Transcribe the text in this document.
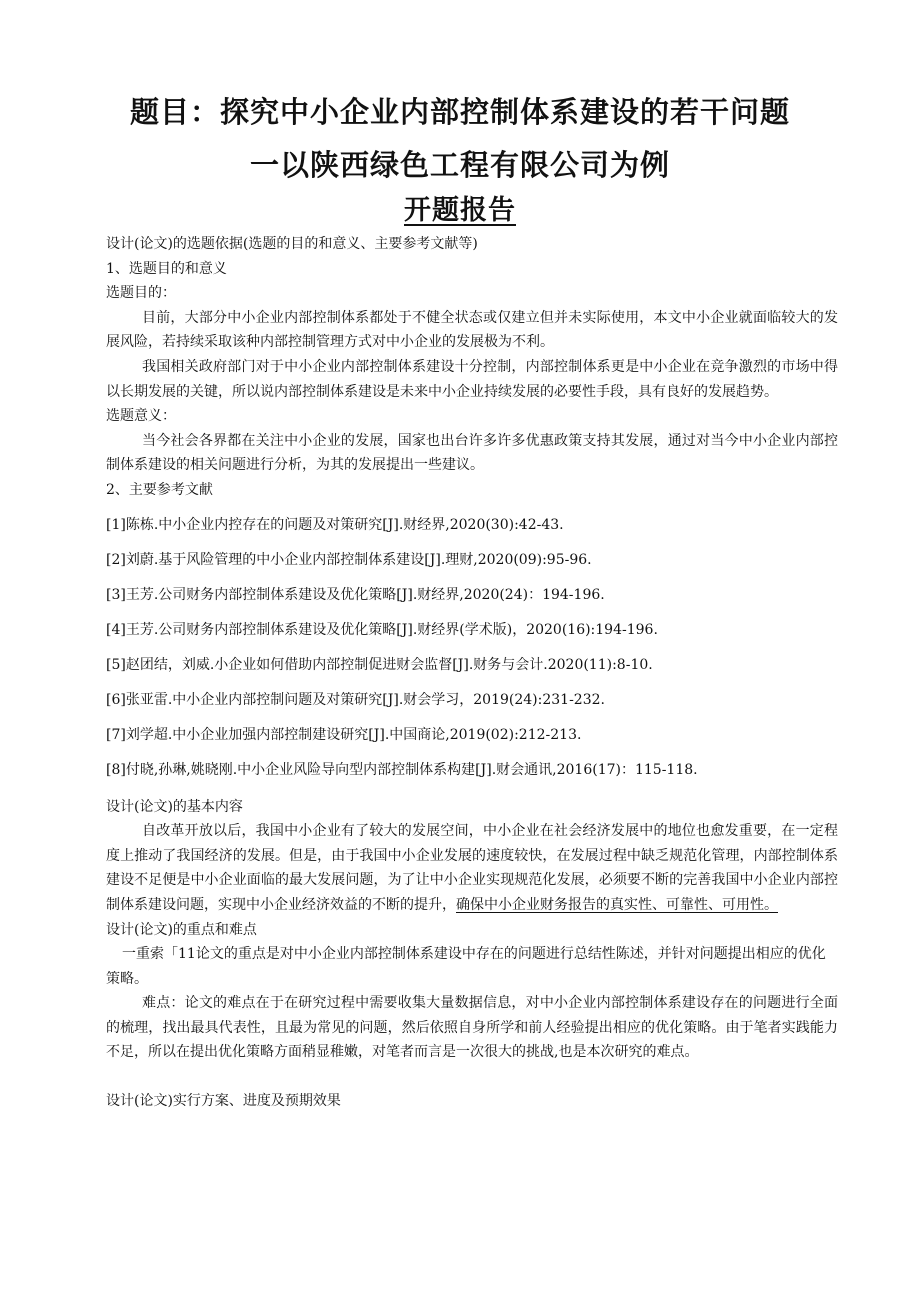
题目：探究中小企业内部控制体系建设的若干问题
一以陕西绿色工程有限公司为例
开题报告

设计(论文)的选题依据(选题的目的和意义、主要参考文献等)

1、选题目的和意义

选题目的：

目前，大部分中小企业内部控制体系都处于不健全状态或仅建立但并未实际使用，本文中小企业就面临较大的发展风险，若持续采取该种内部控制管理方式对中小企业的发展极为不利。

我国相关政府部门对于中小企业内部控制体系建设十分控制，内部控制体系更是中小企业在竞争激烈的市场中得以长期发展的关键，所以说内部控制体系建设是未来中小企业持续发展的必要性手段，具有良好的发展趋势。

选题意义：

当今社会各界都在关注中小企业的发展，国家也出台许多许多优惠政策支持其发展，通过对当今中小企业内部控制体系建设的相关问题进行分析，为其的发展提出一些建议。

2、主要参考文献

[1]陈栋.中小企业内控存在的问题及对策研究[J].财经界,2020(30):42-43.

[2]刘蔚.基于风险管理的中小企业内部控制体系建设[J].理财,2020(09):95-96.

[3]王芳.公司财务内部控制体系建设及优化策略[J].财经界,2020(24)：194-196.

[4]王芳.公司财务内部控制体系建设及优化策略[J].财经界(学术版)，2020(16):194-196.

[5]赵团结，刘威.小企业如何借助内部控制促进财会监督[J].财务与会计.2020(11):8-10.

[6]张亚雷.中小企业内部控制问题及对策研究[J].财会学习，2019(24):231-232.

[7]刘学超.中小企业加强内部控制建设研究[J].中国商论,2019(02):212-213.

[8]付晓,孙琳,姚晓刚.中小企业风险导向型内部控制体系构建[J].财会通讯,2016(17)：115-118.

设计(论文)的基本内容

自改革开放以后，我国中小企业有了较大的发展空间，中小企业在社会经济发展中的地位也愈发重要，在一定程度上推动了我国经济的发展。但是，由于我国中小企业发展的速度较快，在发展过程中缺乏规范化管理，内部控制体系建设不足便是中小企业面临的最大发展问题，为了让中小企业实现规范化发展，必须要不断的完善我国中小企业内部控制体系建设问题，实现中小企业经济效益的不断的提升，确保中小企业财务报告的真实性、可靠性、可用性。

设计(论文)的重点和难点

一重索「11论文的重点是对中小企业内部控制体系建设中存在的问题进行总结性陈述，并针对问题提出相应的优化策略。

难点：论文的难点在于在研究过程中需要收集大量数据信息，对中小企业内部控制体系建设存在的问题进行全面的梳理，找出最具代表性，且最为常见的问题，然后依照自身所学和前人经验提出相应的优化策略。由于笔者实践能力不足，所以在提出优化策略方面稍显稚嫩，对笔者而言是一次很大的挑战,也是本次研究的难点。

设计(论文)实行方案、进度及预期效果
